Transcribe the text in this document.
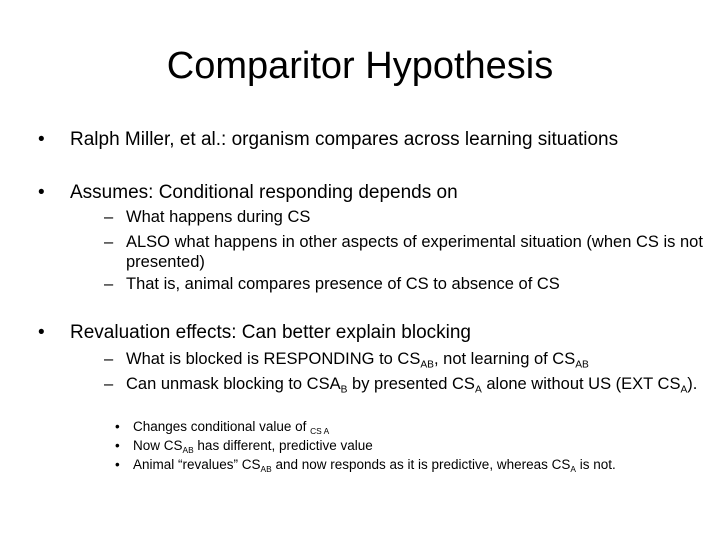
Comparitor Hypothesis
• Ralph Miller, et al.: organism compares across learning situations
• Assumes: Conditional responding depends on
– What happens during CS
– ALSO what happens in other aspects of experimental situation (when CS is not presented)
– That is, animal compares presence of CS to absence of CS
• Revaluation effects: Can better explain blocking
– What is blocked is RESPONDING to $CS_{AB}$, not learning of $CS_{AB}$
– Can unmask blocking to $CSA_B$ by presented $CS_A$ alone without US (EXT $CS_A$).
• Changes conditional value of $_{CS A}$
• Now $CS_{AB}$ has different, predictive value
• Animal “revalues” $CS_{AB}$ and now responds as it is predictive, whereas $CS_A$ is not.
